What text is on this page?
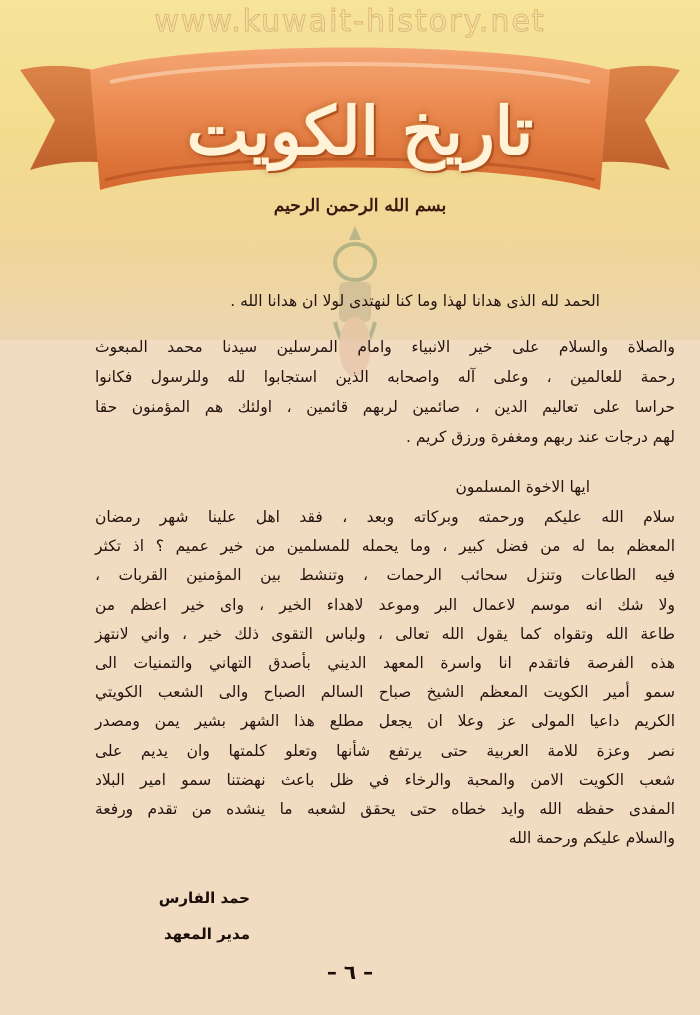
www.kuwait-history.net
تاريخ الكويت
بسم الله الرحمن الرحيم
الحمد لله الذى هدانا لهذا وما كنا لنهتدى لولا ان هدانا الله .
والصلاة والسلام على خير الانبياء وامام المرسلين سيدنا محمد المبعوث
رحمة للعالمين ، وعلى آله واصحابه الذين استجابوا لله وللرسول فكانوا
حراسا على تعاليم الدين ، صائمين لربهم قائمين ، اولئك هم المؤمنون حقا
لهم درجات عند ربهم ومغفرة ورزق كريم .
ايها الاخوة المسلمون
سلام الله عليكم ورحمته وبركاته وبعد ، فقد اهل علينا شهر رمضان
المعظم بما له من فضل كبير ، وما يحمله للمسلمين من خير عميم ؟ اذ تكثر
فيه الطاعات وتنزل سحائب الرحمات ، وتنشط بين المؤمنين القربات ،
ولا شك انه موسم لاعمال البر وموعد لاهداء الخير ، واى خير اعظم من
طاعة الله وتقواه كما يقول الله تعالى ، ولباس التقوى ذلك خير ، واني لانتهز
هذه الفرصة فاتقدم انا واسرة المعهد الديني بأصدق التهاني والتمنيات الى
سمو أمير الكويت المعظم الشيخ صباح السالم الصباح والى الشعب الكويتي
الكريم داعيا المولى عز وعلا ان يجعل مطلع هذا الشهر بشير يمن ومصدر
نصر وعزة للامة العربية حتى يرتفع شأنها وتعلو كلمتها وان يديم على
شعب الكويت الامن والمحبة والرخاء في ظل باعث نهضتنا سمو امير البلاد
المفدى حفظه الله وايد خطاه حتى يحقق لشعبه ما ينشده من تقدم ورفعة
والسلام عليكم ورحمة الله
حمد الفارس
مدير المعهد
– ٦ –
